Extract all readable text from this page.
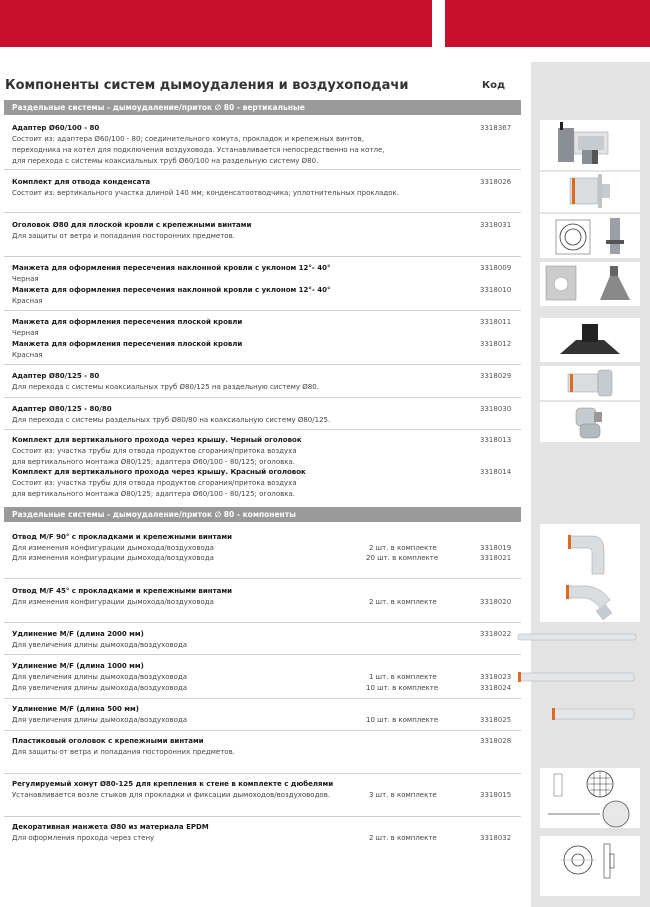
Компоненты систем дымоудаления и воздухоподачи	Код
Раздельные системы - дымоудаление/приток ∅ 80 - вертикальные
Адаптер Ø60/100 - 80	3318367
Состоит из: адаптера Ø60/100 - 80; соединительного хомута, прокладок и крепежных винтов,
переходника на котел для подключения воздуховода. Устанавливается непосредственно на котле,
для перехода с системы коаксиальных труб Ø60/100 на раздельную систему Ø80.
Комплект для отвода конденсата	3318026
Состоит из: вертикального участка длиной 140 мм; конденсатоотводчика; уплотнительных прокладок.
Оголовок Ø80 для плоской кровли с крепежными винтами	3318031
Для защиты от ветра и попадания посторонних предметов.
Манжета для оформления пересечения наклонной кровли с уклоном 12°- 40°	3318009
Черная
Манжета для оформления пересечения наклонной кровли с уклоном 12°- 40°	3318010
Красная
Манжета для оформления пересечения плоской кровли	3318011
Черная
Манжета для оформления пересечения плоской кровли	3318012
Красная
Адаптер Ø80/125 - 80	3318029
Для перехода с системы коаксиальных труб Ø80/125 на раздельную систему Ø80.
Адаптер Ø80/125 - 80/80	3318030
Для перехода с системы раздельных труб Ø80/80 на коаксиальную систему Ø80/125.
Комплект для вертикального прохода через крышу. Черный оголовок	3318013
Состоит из: участка трубы для отвода продуктов сгорания/притока воздуха
для вертикального монтажа Ø80/125; адаптера Ø60/100 - 80/125; оголовка.
Комплект для вертикального прохода через крышу. Красный оголовок	3318014
Состоит из: участка трубы для отвода продуктов сгорания/притока воздуха
для вертикального монтажа Ø80/125; адаптера Ø60/100 - 80/125; оголовка.
Раздельные системы - дымоудаление/приток ∅ 80 - компоненты
Отвод M/F 90° с прокладками и крепежными винтами
Для изменения конфигурации дымохода/воздуховода	2 шт. в комплекте	3318019
Для изменения конфигурации дымохода/воздуховода	20 шт. в комплекте	3318021
Отвод M/F 45° с прокладками и крепежными винтами
Для изменения конфигурации дымохода/воздуховода	2 шт. в комплекте	3318020
Удлинение M/F (длина 2000 мм)	3318022
Для увеличения длины дымохода/воздуховода
Удлинение M/F (длина 1000 мм)
Для увеличения длины дымохода/воздуховода	1 шт. в комплекте	3318023
Для увеличения длины дымохода/воздуховода	10 шт. в комплекте	3318024
Удлинение M/F (длина 500 мм)
Для увеличения длины дымохода/воздуховода	10 шт. в комплекте	3318025
Пластиковый оголовок с крепежными винтами	3318028
Для защиты от ветра и попадания посторонних предметов.
Регулируемый хомут Ø80-125 для крепления к стене в комплекте с дюбелями
Устанавливается возле стыков для прокладки и фиксации дымоходов/воздуховодов.	3 шт. в комплекте	3318015
Декоративная манжета Ø80 из материала EPDM
Для оформления прохода через стену	2 шт. в комплекте	3318032
